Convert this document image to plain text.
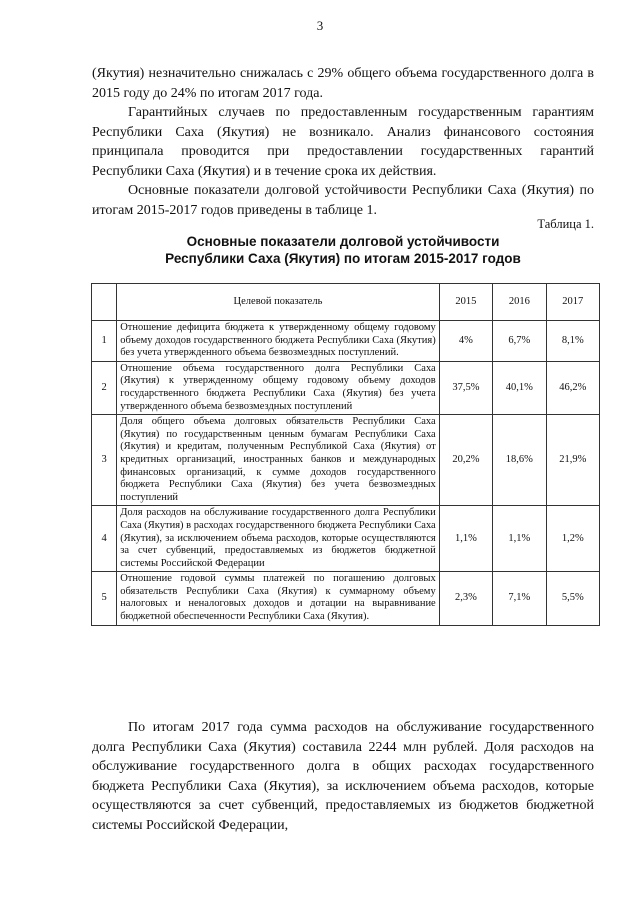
3

(Якутия) незначительно снижалась с 29% общего объема государственного долга в 2015 году до 24% по итогам 2017 года.

Гарантийных случаев по предоставленным государственным гарантиям Республики Саха (Якутия) не возникало. Анализ финансового состояния принципала проводится при предоставлении государственных гарантий Республики Саха (Якутия) и в течение срока их действия.

Основные показатели долговой устойчивости Республики Саха (Якутия) по итогам 2015-2017 годов приведены в таблице 1.

Таблица 1.
Основные показатели долговой устойчивости
Республики Саха (Якутия) по итогам 2015-2017 годов
	Целевой показатель	2015	2016	2017
1	Отношение дефицита бюджета к утвержденному общему годовому объему доходов государственного бюджета Республики Саха (Якутия) без учета утвержденного объема безвозмездных поступлений.	4%	6,7%	8,1%
2	Отношение объема государственного долга Республики Саха (Якутия) к утвержденному общему годовому объему доходов государственного бюджета Республики Саха (Якутия) без учета утвержденного объема безвозмездных поступлений	37,5%	40,1%	46,2%
3	Доля общего объема долговых обязательств Республики Саха (Якутия) по государственным ценным бумагам Республики Саха (Якутия) и кредитам, полученным Республикой Саха (Якутия) от кредитных организаций, иностранных банков и международных финансовых организаций, к сумме доходов государственного бюджета Республики Саха (Якутия) без учета безвозмездных поступлений	20,2%	18,6%	21,9%
4	Доля расходов на обслуживание государственного долга Республики Саха (Якутия) в расходах государственного бюджета Республики Саха (Якутия), за исключением объема расходов, которые осуществляются за счет субвенций, предоставляемых из бюджетов бюджетной системы Российской Федерации	1,1%	1,1%	1,2%
5	Отношение годовой суммы платежей по погашению долговых обязательств Республики Саха (Якутия) к суммарному объему налоговых и неналоговых доходов и дотации на выравнивание бюджетной обеспеченности Республики Саха (Якутия).	2,3%	7,1%	5,5%

По итогам 2017 года сумма расходов на обслуживание государственного долга Республики Саха (Якутия) составила 2244 млн рублей. Доля расходов на обслуживание государственного долга в общих расходах государственного бюджета Республики Саха (Якутия), за исключением объема расходов, которые осуществляются за счет субвенций, предоставляемых из бюджетов бюджетной системы Российской Федерации,
